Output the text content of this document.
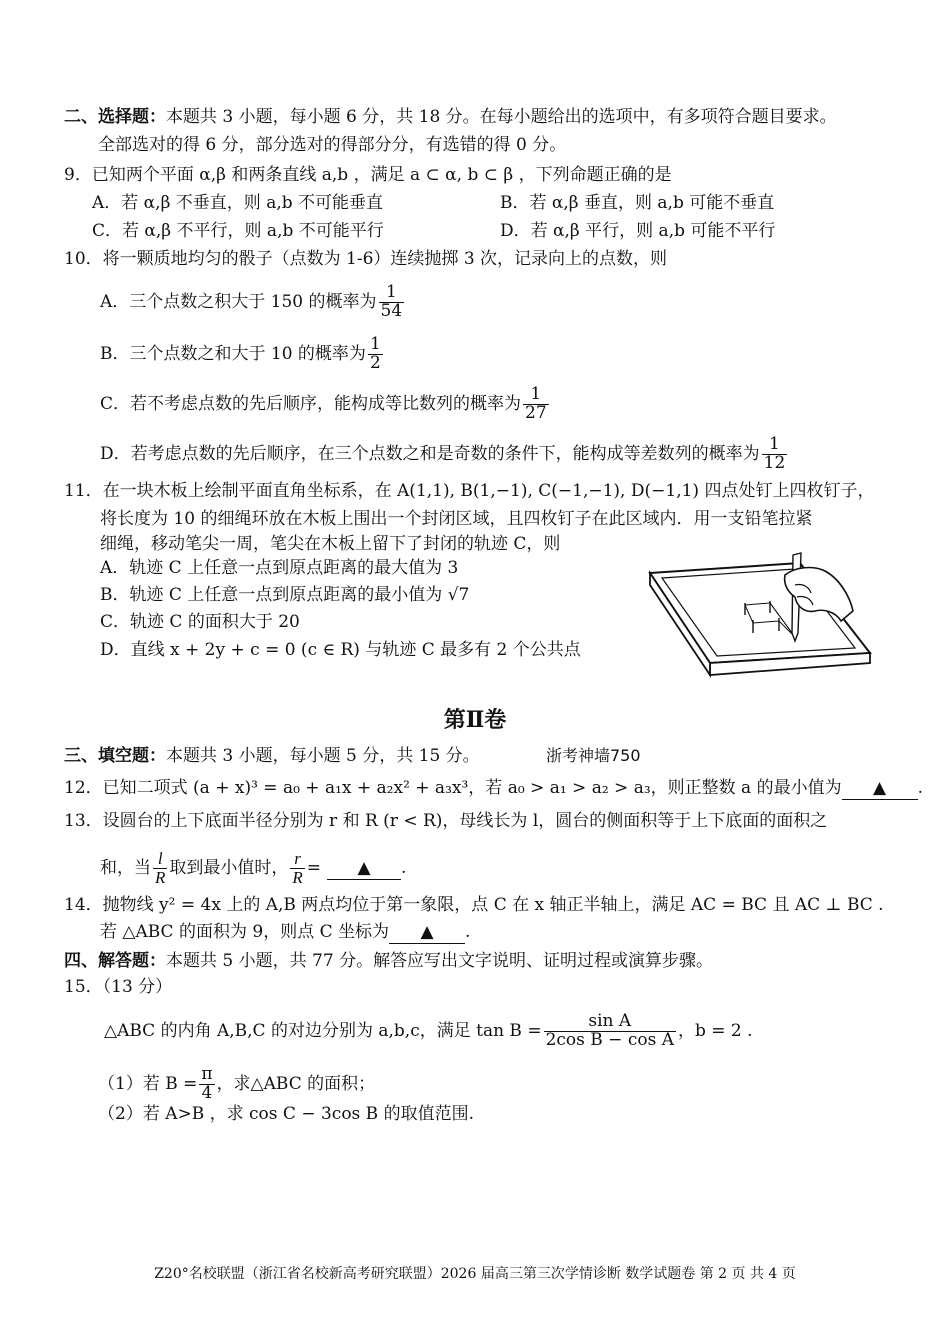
二、选择题：本题共 3 小题，每小题 6 分，共 18 分。在每小题给出的选项中，有多项符合题目要求。
全部选对的得 6 分，部分选对的得部分分，有选错的得 0 分。
9．已知两个平面 α,β 和两条直线 a,b ，满足 a ⊂ α, b ⊂ β ，下列命题正确的是
A．若 α,β 不垂直，则 a,b 不可能垂直	B．若 α,β 垂直，则 a,b 可能不垂直
C．若 α,β 不平行，则 a,b 不可能平行	D．若 α,β 平行，则 a,b 可能不平行
10．将一颗质地均匀的骰子（点数为 1-6）连续抛掷 3 次，记录向上的点数，则
A．三个点数之积大于 150 的概率为 $\frac{1}{54}$
B．三个点数之和大于 10 的概率为 $\frac{1}{2}$
C．若不考虑点数的先后顺序，能构成等比数列的概率为 $\frac{1}{27}$
D．若考虑点数的先后顺序，在三个点数之和是奇数的条件下，能构成等差数列的概率为 $\frac{1}{12}$
11．在一块木板上绘制平面直角坐标系，在 A(1,1), B(1,−1), C(−1,−1), D(−1,1) 四点处钉上四枚钉子，
将长度为 10 的细绳环放在木板上围出一个封闭区域，且四枚钉子在此区域内．用一支铅笔拉紧
细绳，移动笔尖一周，笔尖在木板上留下了封闭的轨迹 C，则
A．轨迹 C 上任意一点到原点距离的最大值为 3
B．轨迹 C 上任意一点到原点距离的最小值为 √7
C．轨迹 C 的面积大于 20
D．直线 x + 2y + c = 0 (c ∈ R) 与轨迹 C 最多有 2 个公共点
第Ⅱ卷
三、填空题：本题共 3 小题，每小题 5 分，共 15 分。	浙考神墙750
12．已知二项式 (a + x)³ = a₀ + a₁x + a₂x² + a₃x³，若 a₀ > a₁ > a₂ > a₃，则正整数 a 的最小值为 ▲ .
13．设圆台的上下底面半径分别为 r 和 R (r < R)，母线长为 l，圆台的侧面积等于上下底面的面积之
和，当 $\frac{l}{R}$ 取到最小值时， $\frac{r}{R}$ = ▲ .
14．抛物线 y² = 4x 上的 A,B 两点均位于第一象限，点 C 在 x 轴正半轴上，满足 AC = BC 且 AC ⊥ BC .
若 △ABC 的面积为 9，则点 C 坐标为 ▲ .
四、解答题：本题共 5 小题，共 77 分。解答应写出文字说明、证明过程或演算步骤。
15．（13 分）
△ABC 的内角 A,B,C 的对边分别为 a,b,c，满足 $\tan B = \frac{\text{sin A}}{\text{2cos B − cos A}}$ ，b = 2 .
（1）若 $B = \frac{\pi}{4}$ ，求△ABC 的面积；
（2）若 A>B ，求 cos C − 3cos B 的取值范围.
Z20°名校联盟（浙江省名校新高考研究联盟）2026 届高三第三次学情诊断 数学试题卷 第 2 页 共 4 页
